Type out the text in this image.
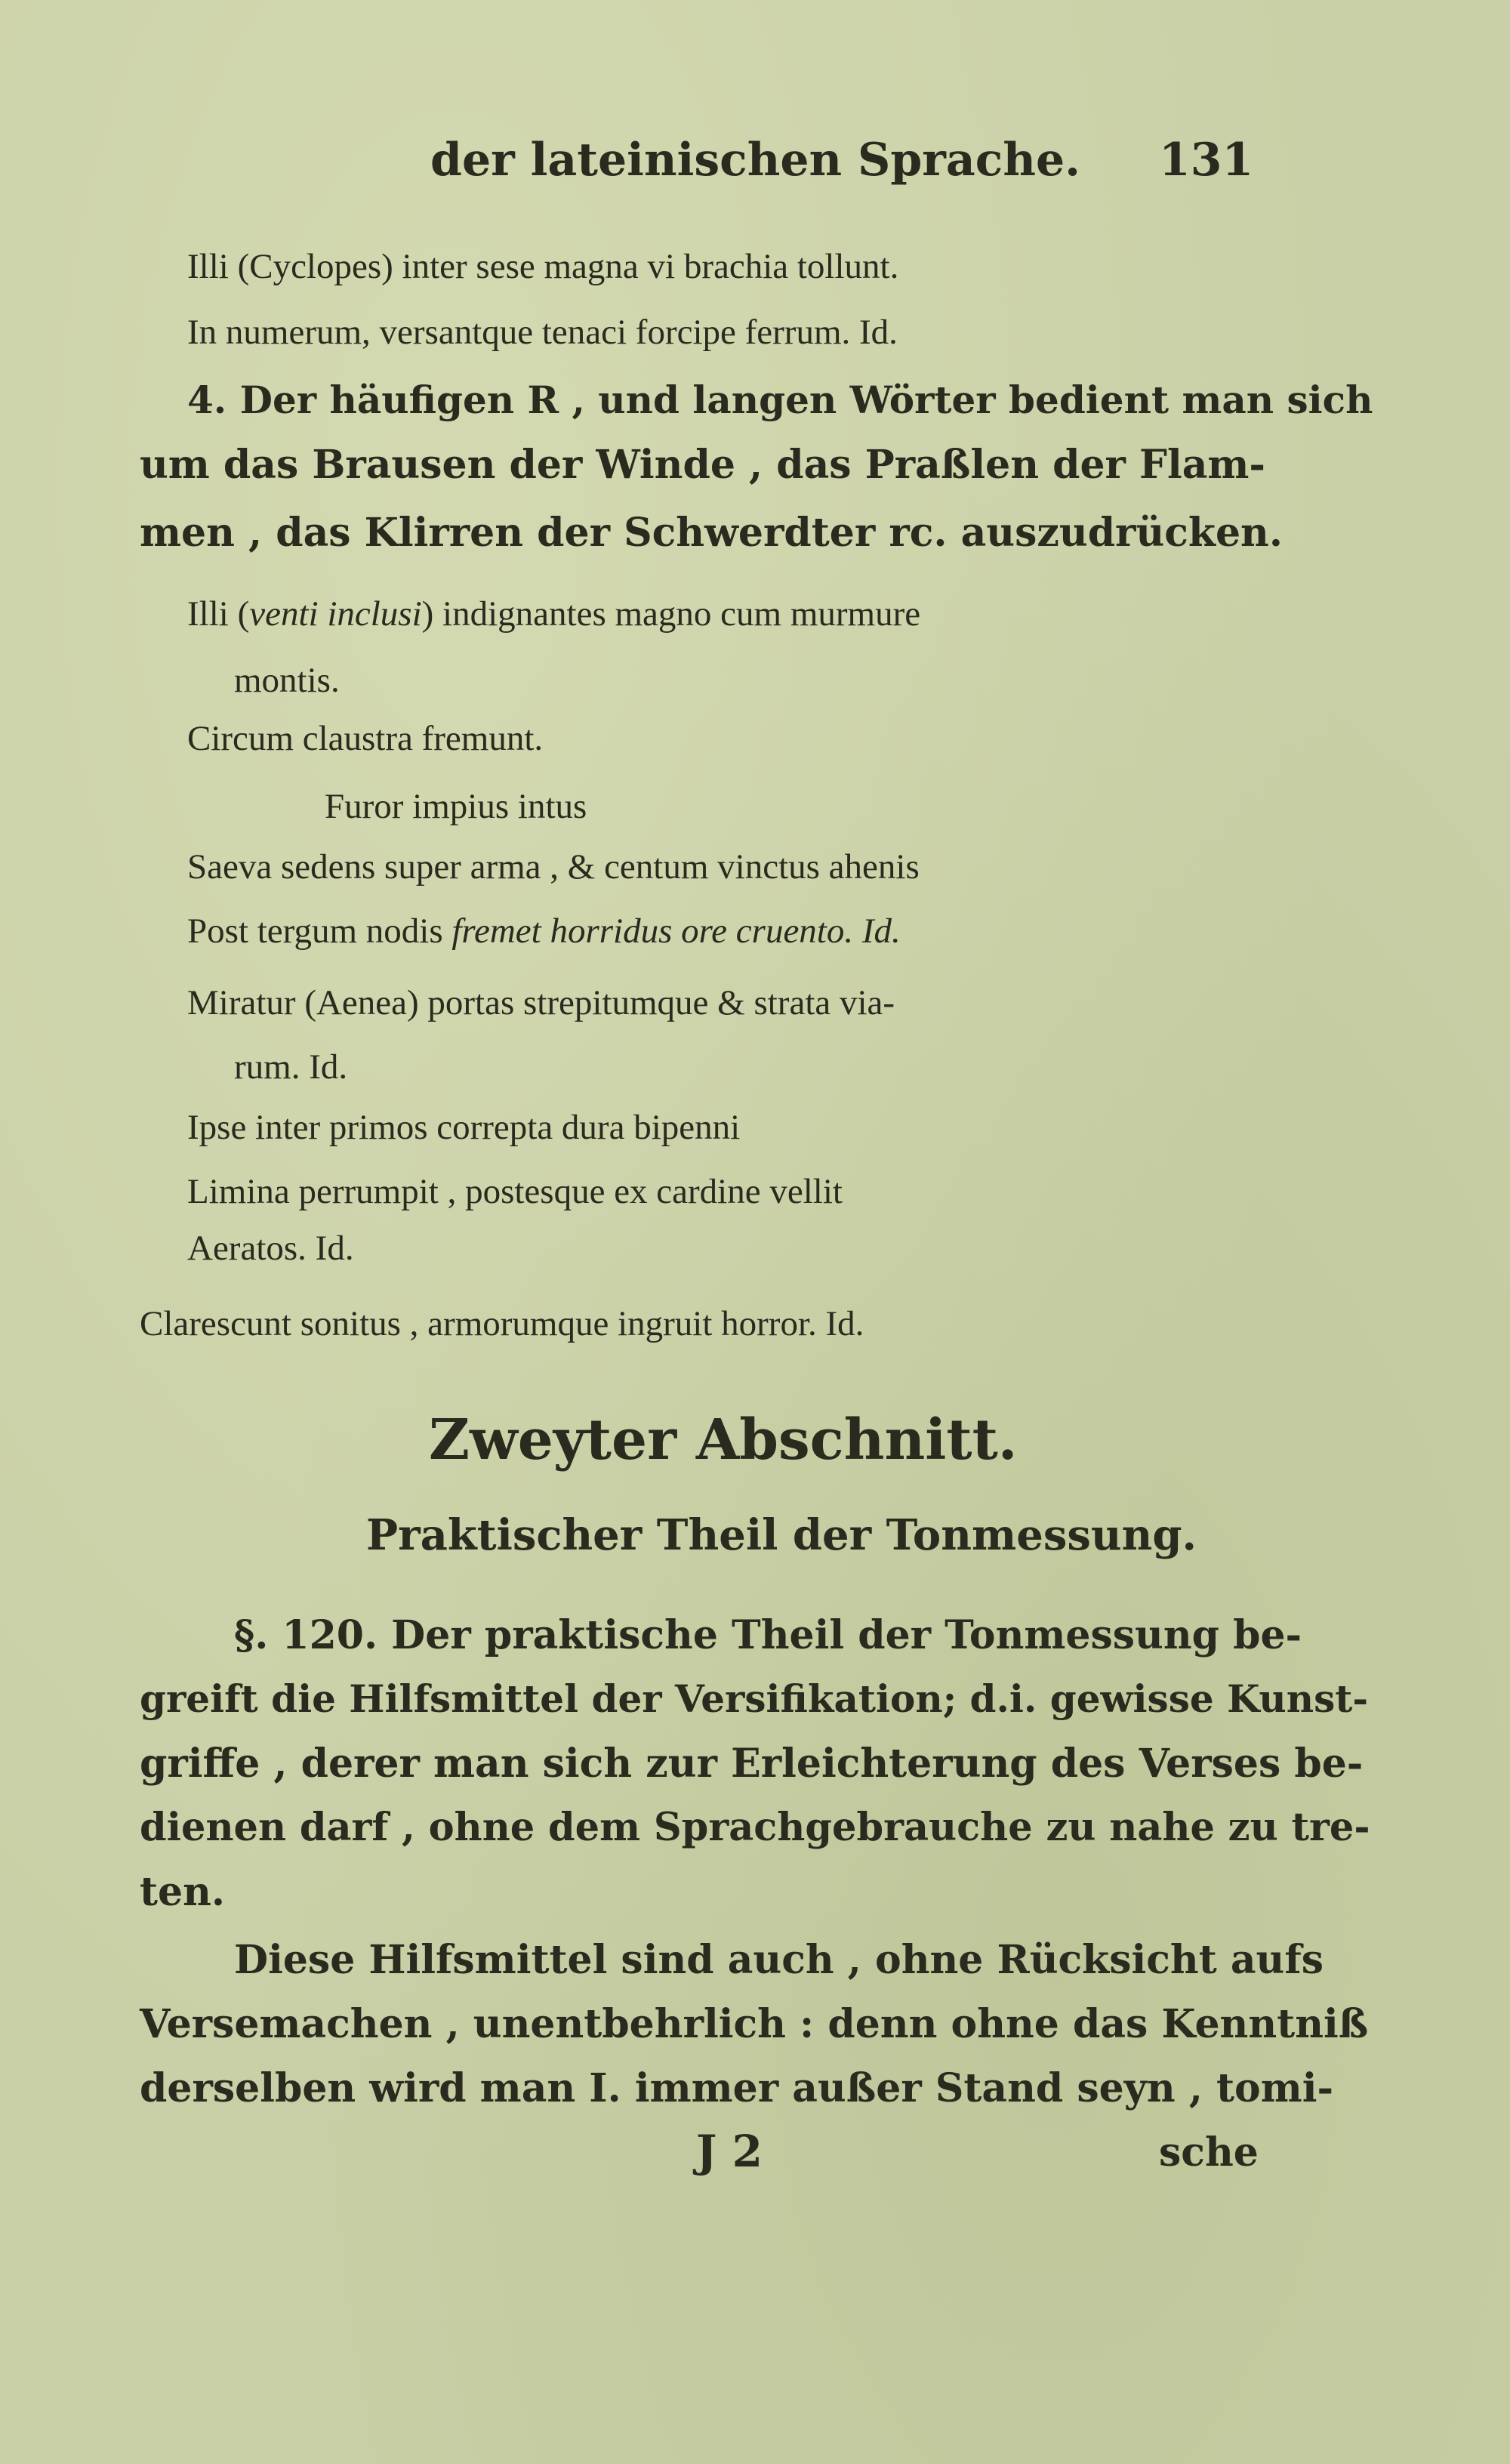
der lateinischen Sprache. 131
Illi (Cyclopes) inter sese magna vi brachia tollunt.
In numerum, versantque tenaci forcipe ferrum. Id.
4. Der häufigen R , und langen Wörter bedient man sich
um das Brausen der Winde , das Praßlen der Flam-
men , das Klirren der Schwerdter rc. auszudrücken.
Illi (venti inclusi) indignantes magno cum murmure
montis.
Circum claustra fremunt.
Furor impius intus
Saeva sedens super arma , & centum vinctus ahenis
Post tergum nodis fremet horridus ore cruento. Id.
Miratur (Aenea) portas strepitumque & strata via-
rum. Id.
Ipse inter primos correpta dura bipenni
Limina perrumpit , postesque ex cardine vellit
Aeratos. Id.
Clarescunt sonitus , armorumque ingruit horror. Id.
Zweyter Abschnitt.
Praktischer Theil der Tonmessung.
§. 120. Der praktische Theil der Tonmessung be-
greift die Hilfsmittel der Versifikation; d.i. gewisse Kunst-
griffe , derer man sich zur Erleichterung des Verses be-
dienen darf , ohne dem Sprachgebrauche zu nahe zu tre-
ten.
Diese Hilfsmittel sind auch , ohne Rücksicht aufs
Versemachen , unentbehrlich : denn ohne das Kenntniß
derselben wird man I. immer außer Stand seyn , tomi-
J 2	sche
